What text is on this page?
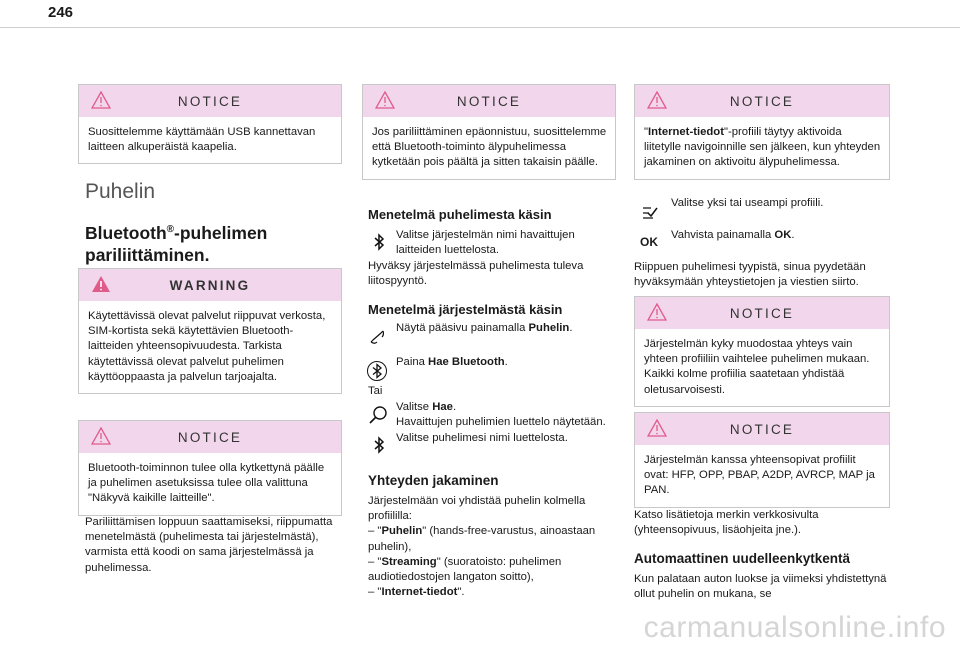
246
NOTICE
Suosittelemme käyttämään USB kannettavan laitteen alkuperäistä kaapelia.
Puhelin
Bluetooth®-puhelimen pariliittäminen.
WARNING
Käytettävissä olevat palvelut riippuvat verkosta, SIM-kortista sekä käytettävien Bluetooth-laitteiden yhteensopivuudesta. Tarkista käytettävissä olevat palvelut puhelimen käyttöoppaasta ja palvelun tarjoajalta.
NOTICE
Bluetooth-toiminnon tulee olla kytkettynä päälle ja puhelimen asetuksissa tulee olla valittuna "Näkyvä kaikille laitteille".
Pariliittämisen loppuun saattamiseksi, riippumatta menetelmästä (puhelimesta tai järjestelmästä), varmista että koodi on sama järjestelmässä ja puhelimessa.
NOTICE
Jos pariliittäminen epäonnistuu, suosittelemme että Bluetooth-toiminto älypuhelimessa kytketään pois päältä ja sitten takaisin päälle.
Menetelmä puhelimesta käsin
Valitse järjestelmän nimi havaittujen laitteiden luettelosta.
Hyväksy järjestelmässä puhelimesta tuleva liitospyyntö.
Menetelmä järjestelmästä käsin
Näytä pääsivu painamalla Puhelin.
Paina Hae Bluetooth.
Tai
Valitse Hae.
Havaittujen puhelimien luettelo näytetään.
Valitse puhelimesi nimi luettelosta.
Yhteyden jakaminen
Järjestelmään voi yhdistää puhelin kolmella profiililla:
– "Puhelin" (hands-free-varustus, ainoastaan puhelin),
– "Streaming" (suoratoisto: puhelimen audiotiedostojen langaton soitto),
– "Internet-tiedot".
NOTICE
"Internet-tiedot"-profiili täytyy aktivoida liitetylle navigoinnille sen jälkeen, kun yhteyden jakaminen on aktivoitu älypuhelimessa.
Valitse yksi tai useampi profiili.
OK Vahvista painamalla OK.
Riippuen puhelimesi tyypistä, sinua pyydetään hyväksymään yhteystietojen ja viestien siirto.
NOTICE
Järjestelmän kyky muodostaa yhteys vain yhteen profiiliin vaihtelee puhelimen mukaan. Kaikki kolme profiilia saatetaan yhdistää oletusarvoisesti.
NOTICE
Järjestelmän kanssa yhteensopivat profiilit ovat: HFP, OPP, PBAP, A2DP, AVRCP, MAP ja PAN.
Katso lisätietoja merkin verkkosivulta (yhteensopivuus, lisäohjeita jne.).
Automaattinen uudelleenkytkentä
Kun palataan auton luokse ja viimeksi yhdistettynä ollut puhelin on mukana, se
carmanualsonline.info
